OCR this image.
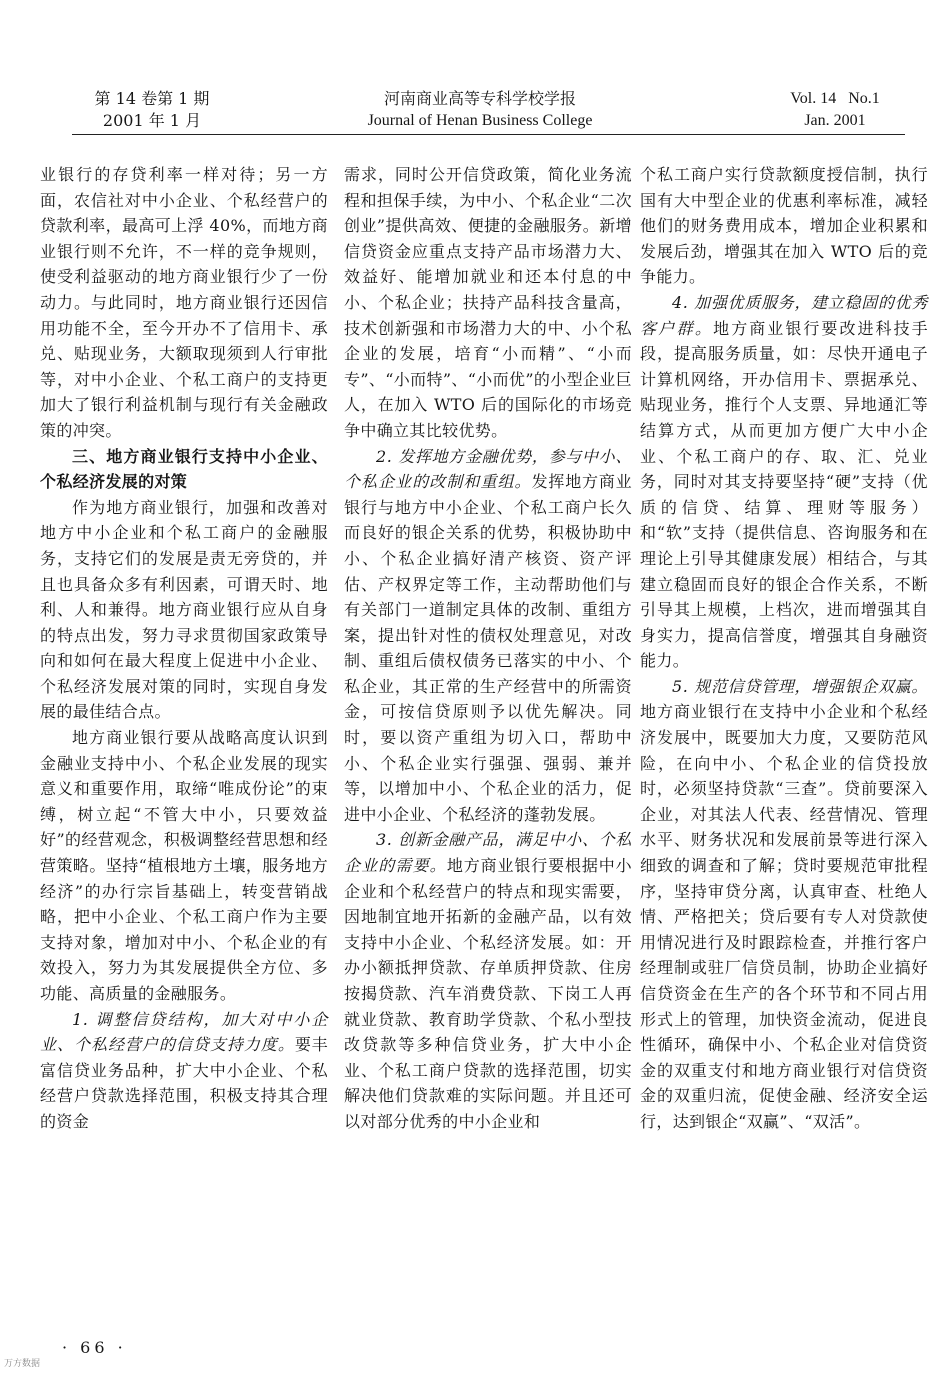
第 14 卷第 1 期
2001 年 1 月
河南商业高等专科学校学报
Journal of Henan Business College
Vol. 14   No.1
Jan. 2001

业银行的存贷利率一样对待；另一方面，农信社对中小企业、个私经营户的贷款利率，最高可上浮 40%，而地方商业银行则不允许，不一样的竞争规则，使受利益驱动的地方商业银行少了一份动力。与此同时，地方商业银行还因信用功能不全，至今开办不了信用卡、承兑、贴现业务，大额取现须到人行审批等，对中小企业、个私工商户的支持更加大了银行利益机制与现行有关金融政策的冲突。

三、地方商业银行支持中小企业、个私经济发展的对策

作为地方商业银行，加强和改善对地方中小企业和个私工商户的金融服务，支持它们的发展是责无旁贷的，并且也具备众多有利因素，可谓天时、地利、人和兼得。地方商业银行应从自身的特点出发，努力寻求贯彻国家政策导向和如何在最大程度上促进中小企业、个私经济发展对策的同时，实现自身发展的最佳结合点。

地方商业银行要从战略高度认识到金融业支持中小、个私企业发展的现实意义和重要作用，取缔“唯成份论”的束缚，树立起“不管大中小，只要效益好”的经营观念，积极调整经营思想和经营策略。坚持“植根地方土壤，服务地方经济”的办行宗旨基础上，转变营销战略，把中小企业、个私工商户作为主要支持对象，增加对中小、个私企业的有效投入，努力为其发展提供全方位、多功能、高质量的金融服务。

1. 调整信贷结构，加大对中小企业、个私经营户的信贷支持力度。要丰富信贷业务品种，扩大中小企业、个私经营户贷款选择范围，积极支持其合理的资金

需求，同时公开信贷政策，简化业务流程和担保手续，为中小、个私企业“二次创业”提供高效、便捷的金融服务。新增信贷资金应重点支持产品市场潜力大、效益好、能增加就业和还本付息的中小、个私企业；扶持产品科技含量高，技术创新强和市场潜力大的中、小个私企业的发展，培育“小而精”、“小而专”、“小而特”、“小而优”的小型企业巨人，在加入 WTO 后的国际化的市场竞争中确立其比较优势。

2. 发挥地方金融优势，参与中小、个私企业的改制和重组。发挥地方商业银行与地方中小企业、个私工商户长久而良好的银企关系的优势，积极协助中小、个私企业搞好清产核资、资产评估、产权界定等工作，主动帮助他们与有关部门一道制定具体的改制、重组方案，提出针对性的债权处理意见，对改制、重组后债权债务已落实的中小、个私企业，其正常的生产经营中的所需资金，可按信贷原则予以优先解决。同时，要以资产重组为切入口，帮助中小、个私企业实行强强、强弱、兼并等，以增加中小、个私企业的活力，促进中小企业、个私经济的蓬勃发展。

3. 创新金融产品，满足中小、个私企业的需要。地方商业银行要根据中小企业和个私经营户的特点和现实需要，因地制宜地开拓新的金融产品，以有效支持中小企业、个私经济发展。如：开办小额抵押贷款、存单质押贷款、住房按揭贷款、汽车消费贷款、下岗工人再就业贷款、教育助学贷款、个私小型技改贷款等多种信贷业务，扩大中小企业、个私工商户贷款的选择范围，切实解决他们贷款难的实际问题。并且还可以对部分优秀的中小企业和

个私工商户实行贷款额度授信制，执行国有大中型企业的优惠利率标准，减轻他们的财务费用成本，增加企业积累和发展后劲，增强其在加入 WTO 后的竞争能力。

4. 加强优质服务，建立稳固的优秀客户群。地方商业银行要改进科技手段，提高服务质量，如：尽快开通电子计算机网络，开办信用卡、票据承兑、贴现业务，推行个人支票、异地通汇等结算方式，从而更加方便广大中小企业、个私工商户的存、取、汇、兑业务，同时对其支持要坚持“硬”支持（优质的信贷、结算、理财等服务）和“软”支持（提供信息、咨询服务和在理论上引导其健康发展）相结合，与其建立稳固而良好的银企合作关系，不断引导其上规模，上档次，进而增强其自身实力，提高信誉度，增强其自身融资能力。

5. 规范信贷管理，增强银企双赢。地方商业银行在支持中小企业和个私经济发展中，既要加大力度，又要防范风险，在向中小、个私企业的信贷投放时，必须坚持贷款“三查”。贷前要深入企业，对其法人代表、经营情况、管理水平、财务状况和发展前景等进行深入细致的调查和了解；贷时要规范审批程序，坚持审贷分离，认真审查、杜绝人情、严格把关；贷后要有专人对贷款使用情况进行及时跟踪检查，并推行客户经理制或驻厂信贷员制，协助企业搞好信贷资金在生产的各个环节和不同占用形式上的管理，加快资金流动，促进良性循环，确保中小、个私企业对信贷资金的双重支付和地方商业银行对信贷资金的双重归流，促使金融、经济安全运行，达到银企“双赢”、“双活”。

· 66 ·
万方数据
